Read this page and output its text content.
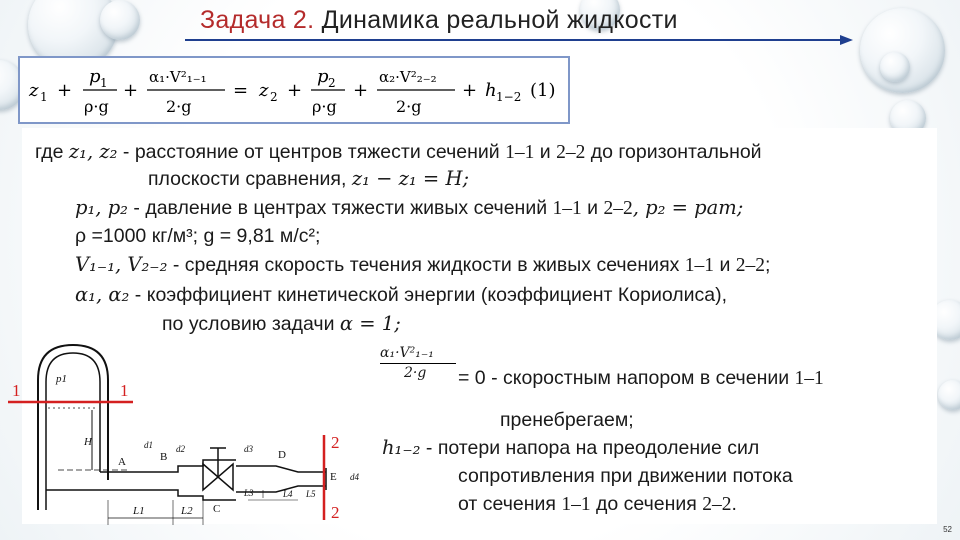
Задача 2. Динамика реальной жидкости
z 1 +
p 1
ρ·g
+
α₁·V²₁₋₁
2·g
= z 2 +
p 2
ρ·g
+
α₂·V²₂₋₂
2·g
+ h 1−2 (1)
где z₁, z₂ - расстояние от центров тяжести сечений 1–1 и 2–2 до горизонтальной
плоскости сравнения, z₁ − z₁ = H;
p₁, p₂ - давление в центрах тяжести живых сечений 1–1 и 2–2, p₂ = pат;
ρ =1000 кг/м³; g = 9,81 м/с²;
V₁₋₁, V₂₋₂ - средняя скорость течения жидкости в живых сечениях 1–1 и 2–2;
α₁, α₂ - коэффициент кинетической энергии (коэффициент Кориолиса),
по условию задачи α = 1;
α₁·V²₁₋₁
2·g = 0 - скоростным напором в сечении 1–1
пренебрегаем;
h₁₋₂ - потери напора на преодоление сил
сопротивления при движении потока
от сечения 1–1 до сечения 2–2.
1	1
2
2
p1
H
A	B
C
D
E
d1	d2	d3
d4
L1	L2
L3	L4 L5
52
